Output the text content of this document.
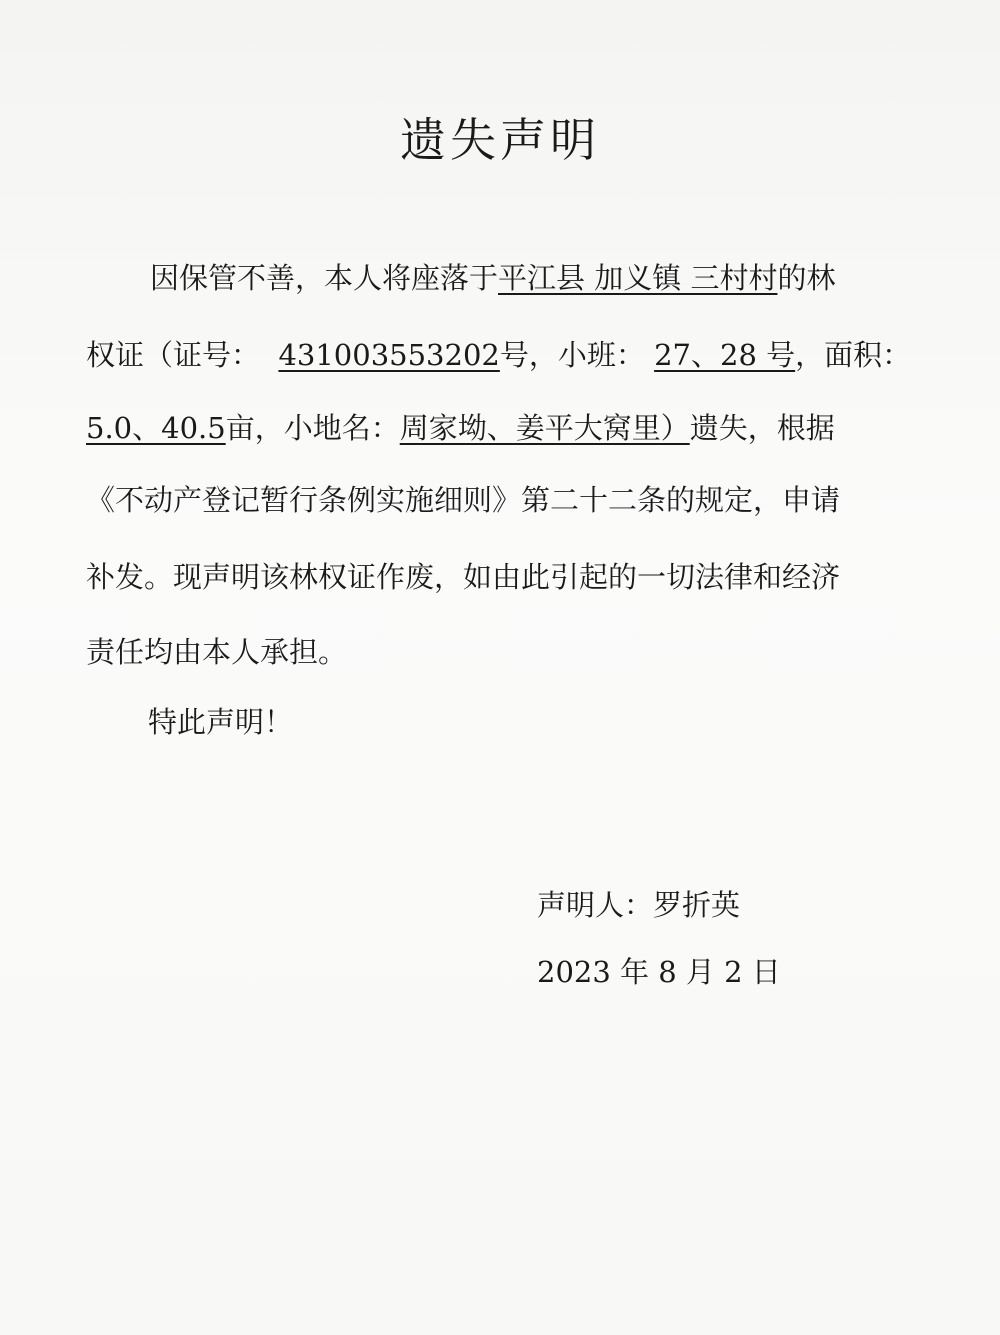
遗失声明
因保管不善，本人将座落于平江县 加义镇 三村村的林
权证（证号： 431003553202号，小班： 27、28 号，面积：
5.0、40.5亩，小地名：周家坳、姜平大窝里）遗失，根据
《不动产登记暂行条例实施细则》第二十二条的规定，申请
补发。现声明该林权证作废，如由此引起的一切法律和经济
责任均由本人承担。
特此声明！
声明人：罗折英
2023 年 8 月 2 日
